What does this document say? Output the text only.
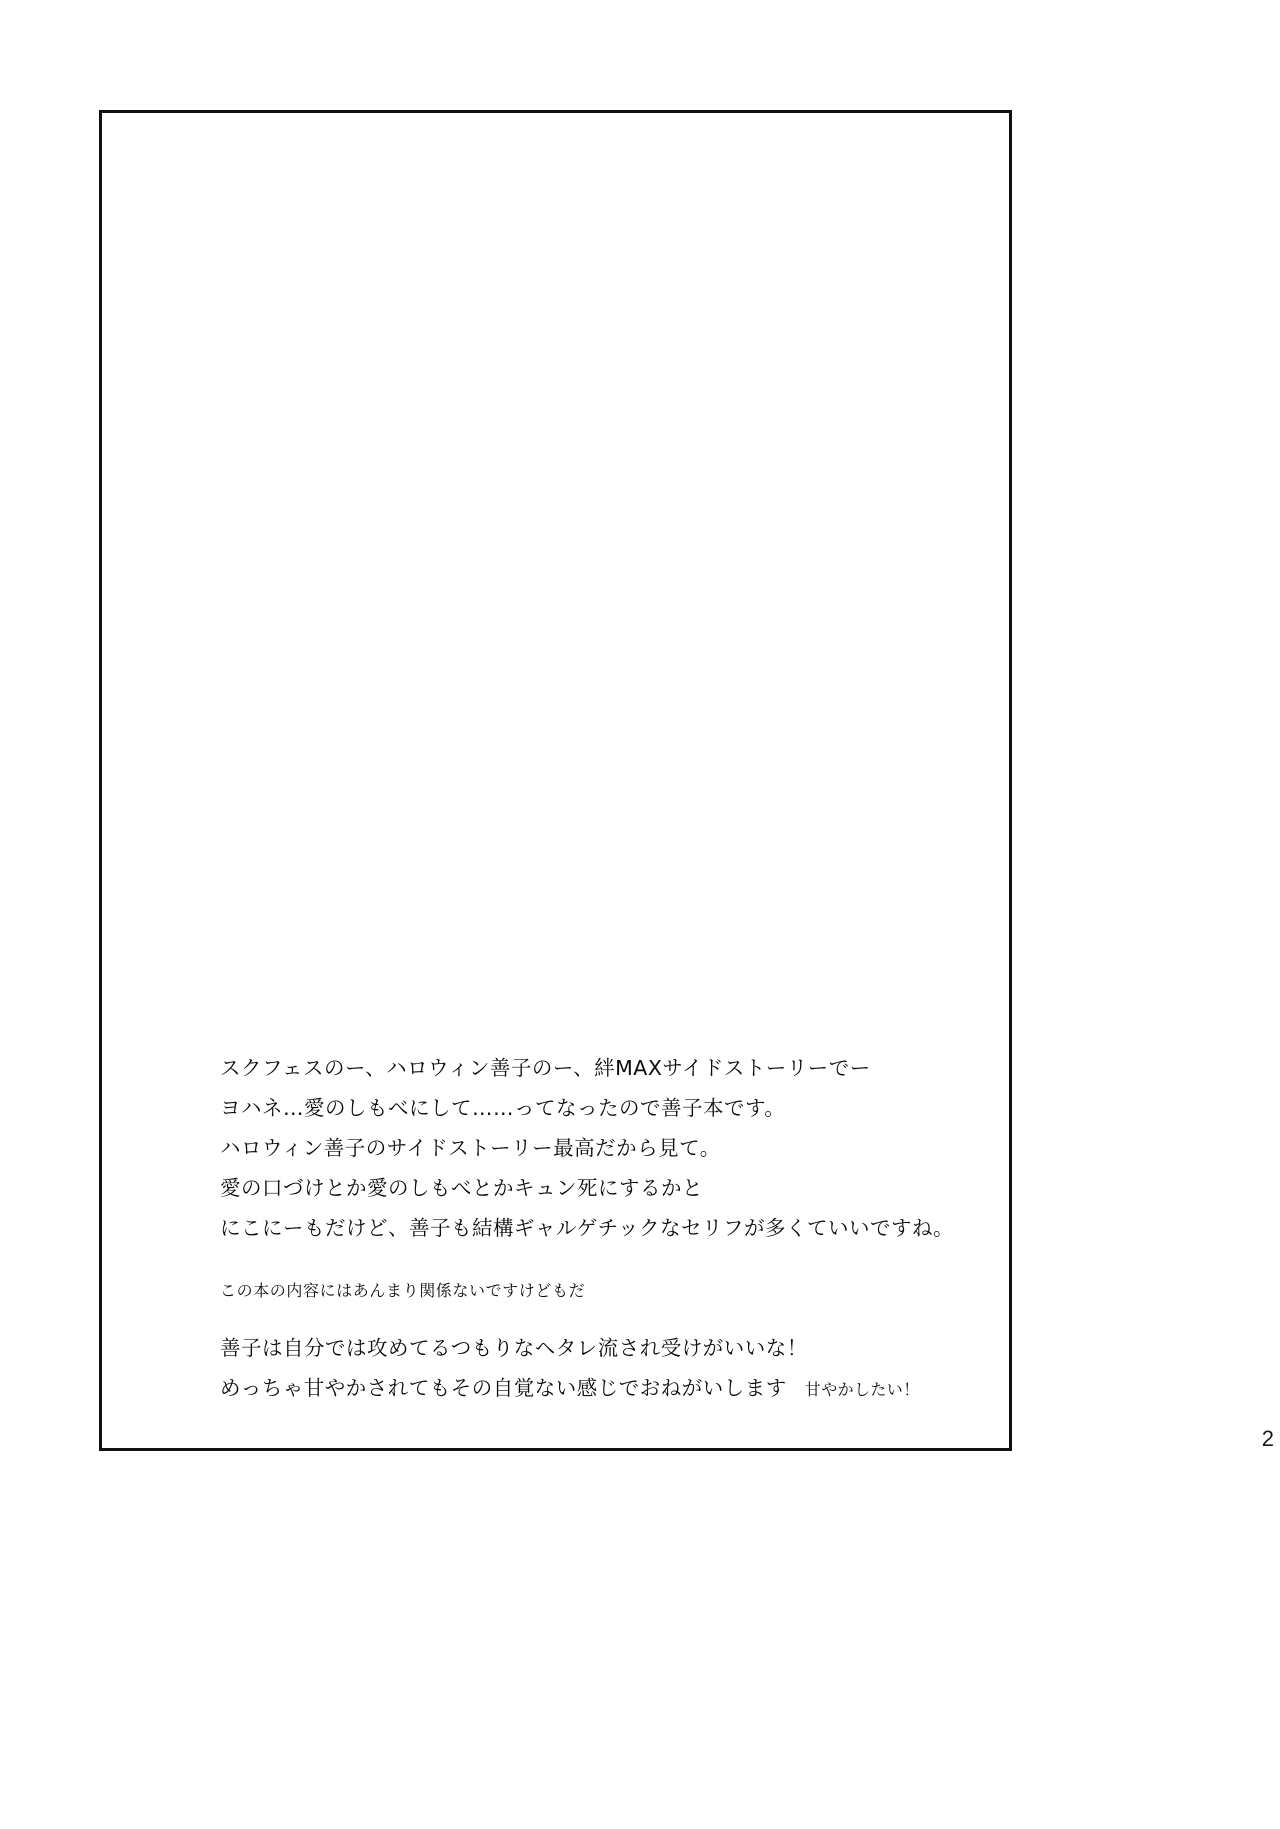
スクフェスのー、ハロウィン善子のー、絆MAXサイドストーリーでー
ヨハネ…愛のしもべにして……ってなったので善子本です。
ハロウィン善子のサイドストーリー最高だから見て。
愛の口づけとか愛のしもべとかキュン死にするかと
にこにーもだけど、善子も結構ギャルゲチックなセリフが多くていいですね。
この本の内容にはあんまり関係ないですけどもだ
善子は自分では攻めてるつもりなヘタレ流され受けがいいな！
めっちゃ甘やかされてもその自覚ない感じでおねがいします 甘やかしたい！
2
